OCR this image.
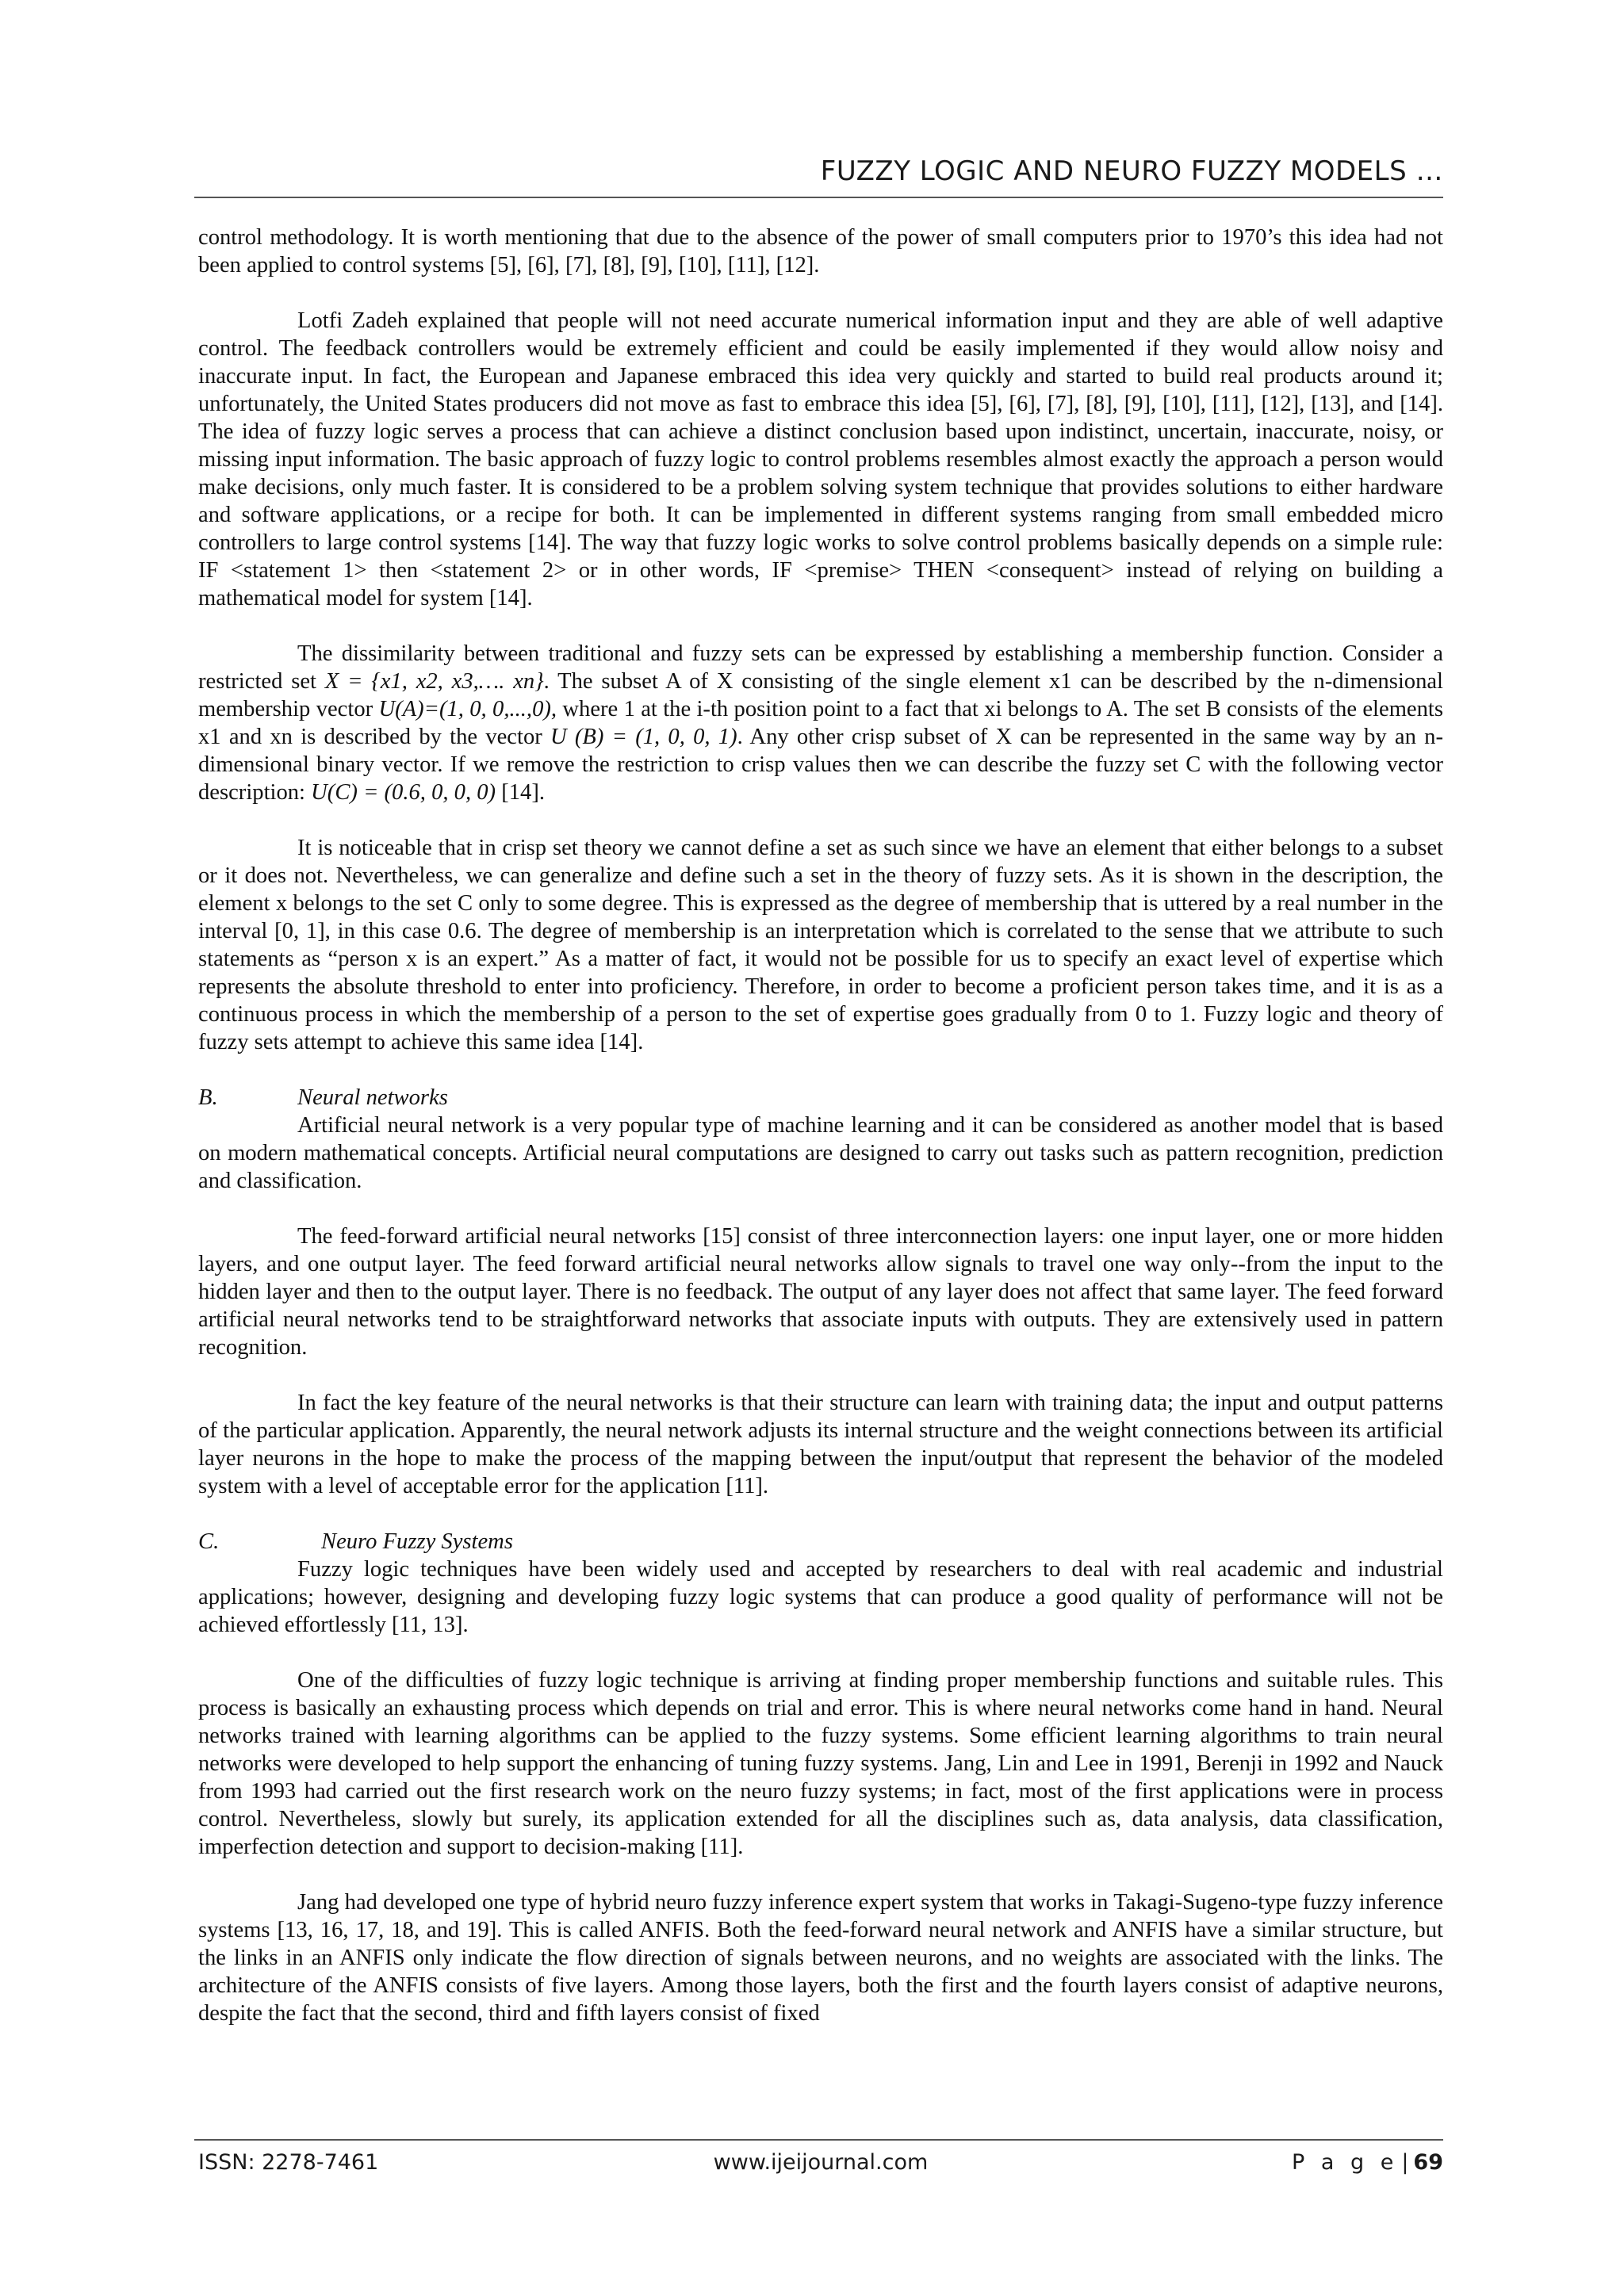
FUZZY LOGIC AND NEURO FUZZY MODELS …

control methodology. It is worth mentioning that due to the absence of the power of small computers prior to 1970’s this idea had not been applied to control systems [5], [6], [7], [8], [9], [10], [11], [12].

Lotfi Zadeh explained that people will not need accurate numerical information input and they are able of well adaptive control. The feedback controllers would be extremely efficient and could be easily implemented if they would allow noisy and inaccurate input. In fact, the European and Japanese embraced this idea very quickly and started to build real products around it; unfortunately, the United States producers did not move as fast to embrace this idea [5], [6], [7], [8], [9], [10], [11], [12], [13], and [14]. The idea of fuzzy logic serves a process that can achieve a distinct conclusion based upon indistinct, uncertain, inaccurate, noisy, or missing input information. The basic approach of fuzzy logic to control problems resembles almost exactly the approach a person would make decisions, only much faster. It is considered to be a problem solving system technique that provides solutions to either hardware and software applications, or a recipe for both. It can be implemented in different systems ranging from small embedded micro controllers to large control systems [14]. The way that fuzzy logic works to solve control problems basically depends on a simple rule: IF <statement 1> then <statement 2> or in other words, IF <premise> THEN <consequent> instead of relying on building a mathematical model for system [14].

The dissimilarity between traditional and fuzzy sets can be expressed by establishing a membership function. Consider a restricted set X = {x1, x2, x3,…. xn}. The subset A of X consisting of the single element x1 can be described by the n-dimensional membership vector U(A)=(1, 0, 0,...,0), where 1 at the i-th position point to a fact that xi belongs to A. The set B consists of the elements x1 and xn is described by the vector U (B) = (1, 0, 0, 1). Any other crisp subset of X can be represented in the same way by an n-dimensional binary vector. If we remove the restriction to crisp values then we can describe the fuzzy set C with the following vector description: U(C) = (0.6, 0, 0, 0) [14].

It is noticeable that in crisp set theory we cannot define a set as such since we have an element that either belongs to a subset or it does not. Nevertheless, we can generalize and define such a set in the theory of fuzzy sets. As it is shown in the description, the element x belongs to the set C only to some degree. This is expressed as the degree of membership that is uttered by a real number in the interval [0, 1], in this case 0.6. The degree of membership is an interpretation which is correlated to the sense that we attribute to such statements as “person x is an expert.” As a matter of fact, it would not be possible for us to specify an exact level of expertise which represents the absolute threshold to enter into proficiency. Therefore, in order to become a proficient person takes time, and it is as a continuous process in which the membership of a person to the set of expertise goes gradually from 0 to 1. Fuzzy logic and theory of fuzzy sets attempt to achieve this same idea [14].

B.	Neural networks

Artificial neural network is a very popular type of machine learning and it can be considered as another model that is based on modern mathematical concepts. Artificial neural computations are designed to carry out tasks such as pattern recognition, prediction and classification.

The feed-forward artificial neural networks [15] consist of three interconnection layers: one input layer, one or more hidden layers, and one output layer. The feed forward artificial neural networks allow signals to travel one way only--from the input to the hidden layer and then to the output layer. There is no feedback. The output of any layer does not affect that same layer. The feed forward artificial neural networks tend to be straightforward networks that associate inputs with outputs. They are extensively used in pattern recognition.

In fact the key feature of the neural networks is that their structure can learn with training data; the input and output patterns of the particular application. Apparently, the neural network adjusts its internal structure and the weight connections between its artificial layer neurons in the hope to make the process of the mapping between the input/output that represent the behavior of the modeled system with a level of acceptable error for the application [11].

C.	Neuro Fuzzy Systems

Fuzzy logic techniques have been widely used and accepted by researchers to deal with real academic and industrial applications; however, designing and developing fuzzy logic systems that can produce a good quality of performance will not be achieved effortlessly [11, 13].

One of the difficulties of fuzzy logic technique is arriving at finding proper membership functions and suitable rules. This process is basically an exhausting process which depends on trial and error. This is where neural networks come hand in hand. Neural networks trained with learning algorithms can be applied to the fuzzy systems. Some efficient learning algorithms to train neural networks were developed to help support the enhancing of tuning fuzzy systems. Jang, Lin and Lee in 1991, Berenji in 1992 and Nauck from 1993 had carried out the first research work on the neuro fuzzy systems; in fact, most of the first applications were in process control. Nevertheless, slowly but surely, its application extended for all the disciplines such as, data analysis, data classification, imperfection detection and support to decision-making [11].

Jang had developed one type of hybrid neuro fuzzy inference expert system that works in Takagi-Sugeno-type fuzzy inference systems [13, 16, 17, 18, and 19]. This is called ANFIS. Both the feed-forward neural network and ANFIS have a similar structure, but the links in an ANFIS only indicate the flow direction of signals between neurons, and no weights are associated with the links. The architecture of the ANFIS consists of five layers. Among those layers, both the first and the fourth layers consist of adaptive neurons, despite the fact that the second, third and fifth layers consist of fixed

ISSN: 2278-7461	www.ijeijournal.com	P a g e | 69
